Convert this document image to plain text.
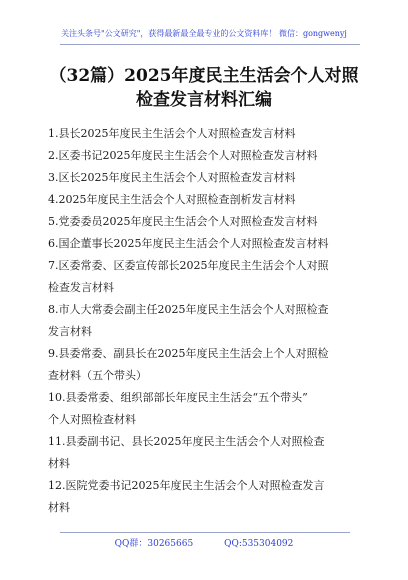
关注头条号"公文研究"，获得最新最全最专业的公文资料库！ 微信：gongwenyj
（32篇）2025年度民主生活会个人对照
检查发言材料汇编
1.县长2025年度民主生活会个人对照检查发言材料
2.区委书记2025年度民主生活会个人对照检查发言材料
3.区长2025年度民主生活会个人对照检查发言材料
4.2025年度民主生活会个人对照检查剖析发言材料
5.党委委员2025年度民主生活会个人对照检查发言材料
6.国企董事长2025年度民主生活会个人对照检查发言材料
7.区委常委、区委宣传部长2025年度民主生活会个人对照
检查发言材料
8.市人大常委会副主任2025年度民主生活会个人对照检查
发言材料
9.县委常委、副县长在2025年度民主生活会上个人对照检
查材料（五个带头）
10.县委常委、组织部部长年度民主生活会“五个带头”
个人对照检查材料
11.县委副书记、县长2025年度民主生活会个人对照检查
材料
12.医院党委书记2025年度民主生活会个人对照检查发言
材料
QQ群：30265665	QQ:535304092
